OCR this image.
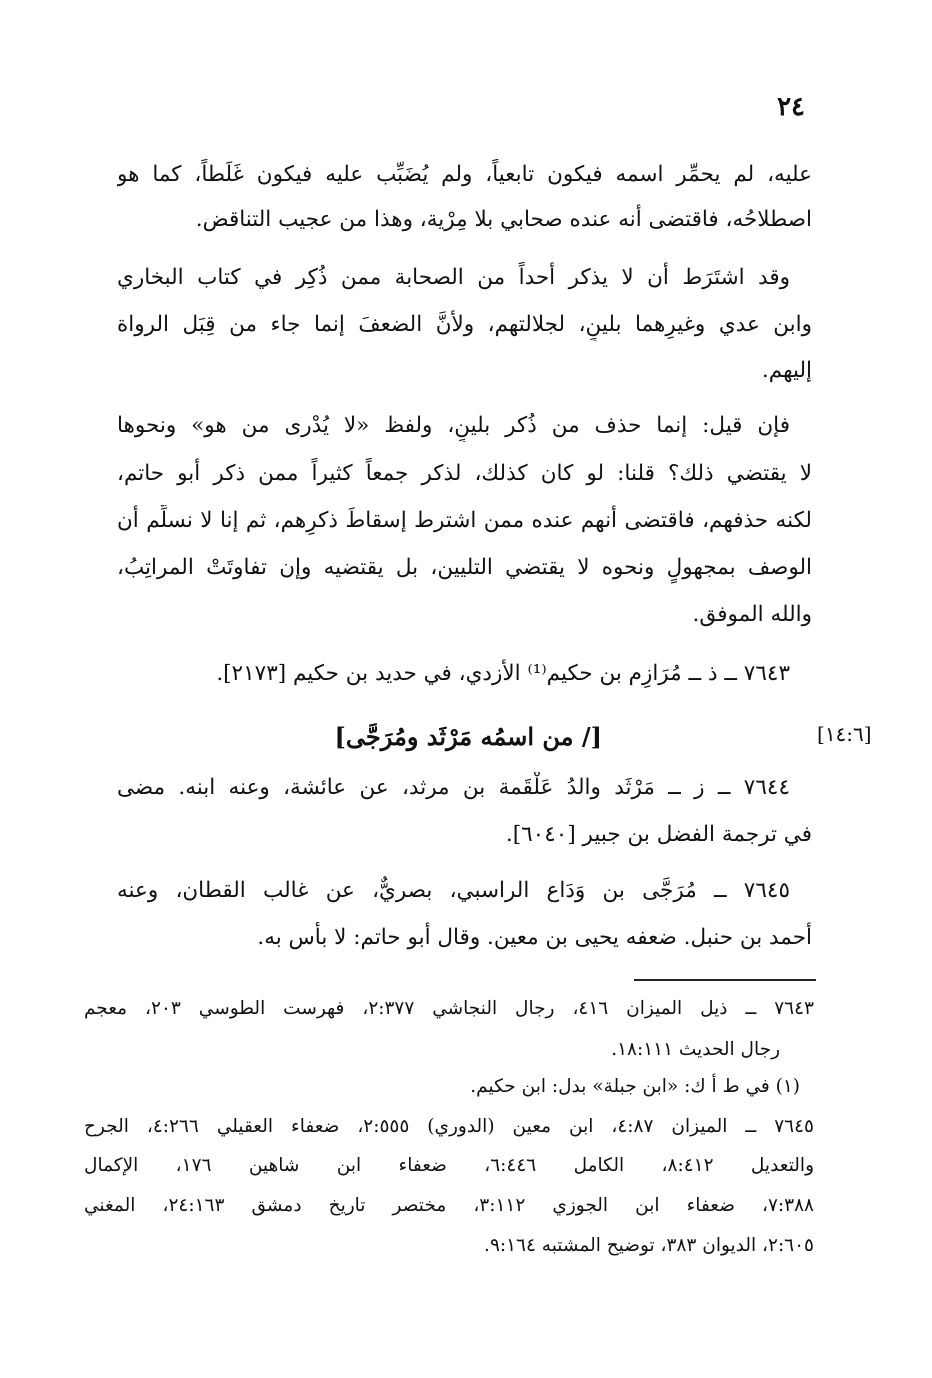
٢٤
عليه، لم يحمِّر اسمه فيكون تابعياً، ولم يُضَبِّب عليه فيكون غَلَطاً، كما هو
اصطلاحُه، فاقتضى أنه عنده صحابي بلا مِرْية، وهذا من عجيب التناقض.
وقد اشتَرَط أن لا يذكر أحداً من الصحابة ممن ذُكِر في كتاب البخاري
وابن عدي وغيرِهما بلينٍ، لجلالتهم، ولأنَّ الضعفَ إنما جاء من قِبَل الرواة
إليهم.
فإن قيل: إنما حذف من ذُكر بلينٍ، ولفظ «لا يُدْرى من هو» ونحوها
لا يقتضي ذلك؟ قلنا: لو كان كذلك، لذكر جمعاً كثيراً ممن ذكر أبو حاتم،
لكنه حذفهم، فاقتضى أنهم عنده ممن اشترط إسقاطَ ذكرِهم، ثم إنا لا نسلِّم أن
الوصف بمجهولٍ ونحوه لا يقتضي التليين، بل يقتضيه وإن تفاوتَتْ المراتِبُ،
والله الموفق.
٧٦٤٣ ــ ذ ــ مُرَازِم بن حكيم⁽¹⁾ الأزدي، في حديد بن حكيم [٢١٧٣].
[/ من اسمُه مَرْثَد ومُرَجَّى]	[١٤:٦]
٧٦٤٤ ــ ز ــ مَرْثَد والدُ عَلْقَمة بن مرثد، عن عائشة، وعنه ابنه. مضى
في ترجمة الفضل بن جبير [٦٠٤٠].
٧٦٤٥ ــ مُرَجَّى بن وَدَاع الراسبي، بصريٌّ، عن غالب القطان، وعنه
أحمد بن حنبل. ضعفه يحيى بن معين. وقال أبو حاتم: لا بأس به.
٧٦٤٣ ــ ذيل الميزان ٤١٦، رجال النجاشي ٢:٣٧٧، فهرست الطوسي ٢٠٣، معجم
رجال الحديث ١٨:١١١.
(١) في ط أ ك: «ابن جبلة» بدل: ابن حكيم.
٧٦٤٥ ــ الميزان ٤:٨٧، ابن معين (الدوري) ٢:٥٥٥، ضعفاء العقيلي ٤:٢٦٦، الجرح
والتعديل ٨:٤١٢، الكامل ٦:٤٤٦، ضعفاء ابن شاهين ١٧٦، الإكمال
٧:٣٨٨، ضعفاء ابن الجوزي ٣:١١٢، مختصر تاريخ دمشق ٢٤:١٦٣، المغني
٢:٦٠٥، الديوان ٣٨٣، توضيح المشتبه ٩:١٦٤.
